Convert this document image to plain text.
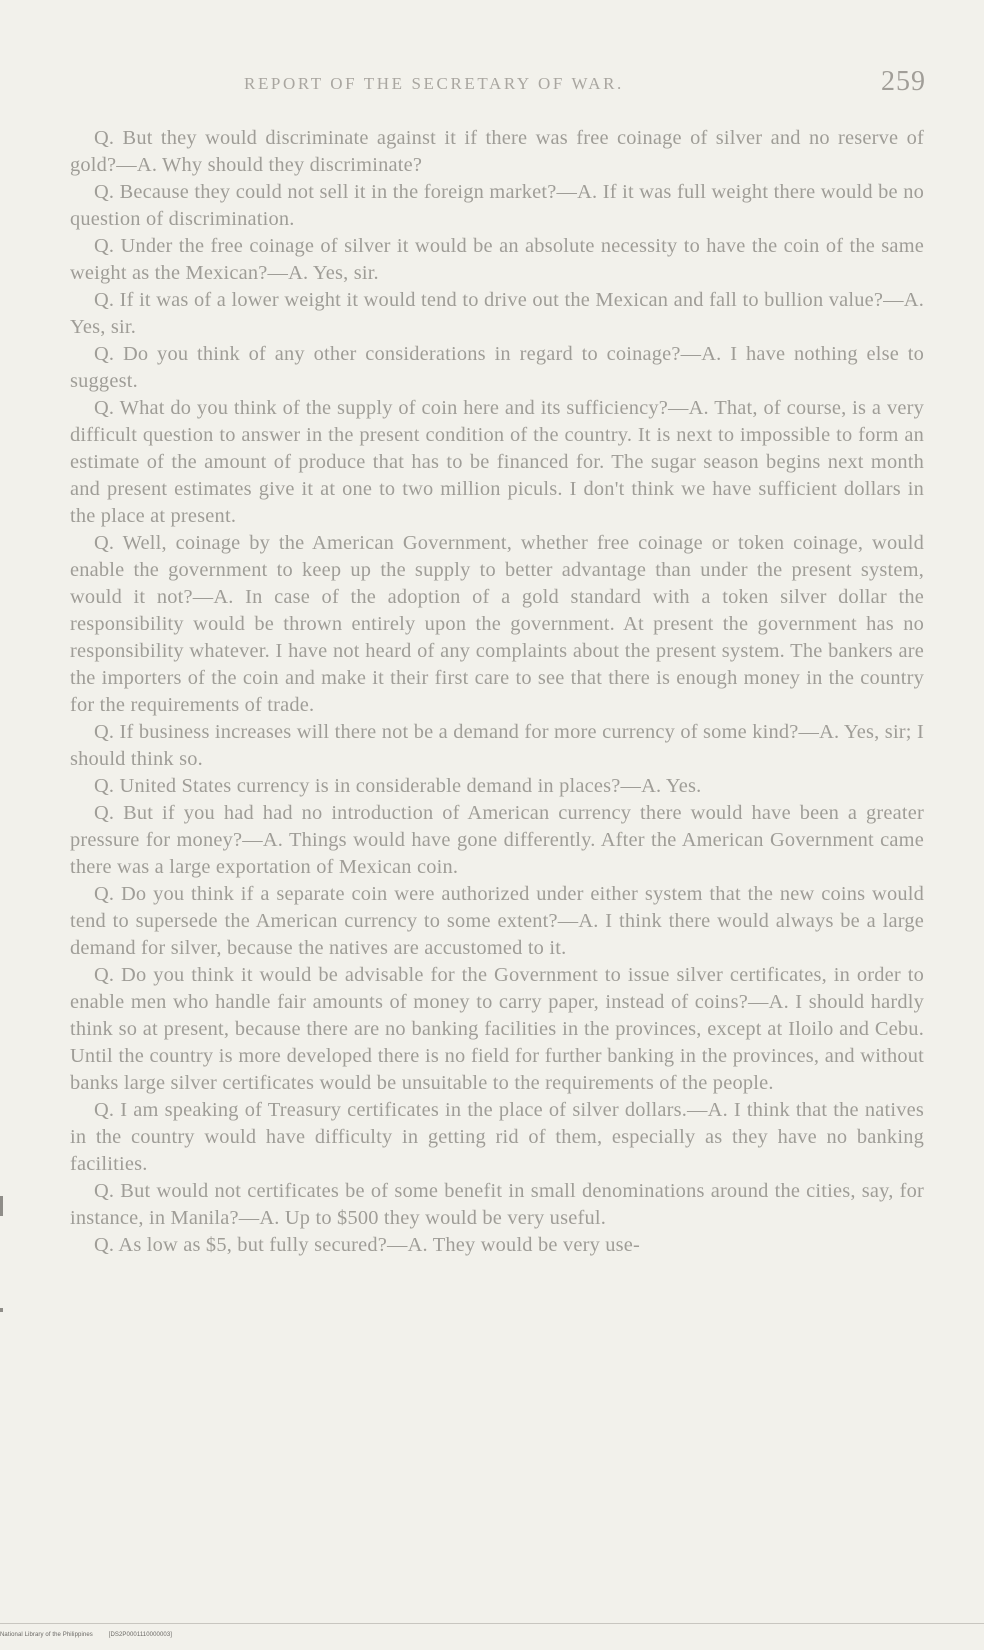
REPORT OF THE SECRETARY OF WAR.	259

Q. But they would discriminate against it if there was free coinage of silver and no reserve of gold?—A. Why should they discriminate?

Q. Because they could not sell it in the foreign market?—A. If it was full weight there would be no question of discrimination.

Q. Under the free coinage of silver it would be an absolute necessity to have the coin of the same weight as the Mexican?—A. Yes, sir.

Q. If it was of a lower weight it would tend to drive out the Mexican and fall to bullion value?—A. Yes, sir.

Q. Do you think of any other considerations in regard to coinage?—A. I have nothing else to suggest.

Q. What do you think of the supply of coin here and its sufficiency?—A. That, of course, is a very difficult question to answer in the present condition of the country. It is next to impossible to form an estimate of the amount of produce that has to be financed for. The sugar season begins next month and present estimates give it at one to two million piculs. I don't think we have sufficient dollars in the place at present.

Q. Well, coinage by the American Government, whether free coinage or token coinage, would enable the government to keep up the supply to better advantage than under the present system, would it not?—A. In case of the adoption of a gold standard with a token silver dollar the responsibility would be thrown entirely upon the government. At present the government has no responsibility whatever. I have not heard of any complaints about the present system. The bankers are the importers of the coin and make it their first care to see that there is enough money in the country for the requirements of trade.

Q. If business increases will there not be a demand for more currency of some kind?—A. Yes, sir; I should think so.

Q. United States currency is in considerable demand in places?—A. Yes.

Q. But if you had had no introduction of American currency there would have been a greater pressure for money?—A. Things would have gone differently. After the American Government came there was a large exportation of Mexican coin.

Q. Do you think if a separate coin were authorized under either system that the new coins would tend to supersede the American currency to some extent?—A. I think there would always be a large demand for silver, because the natives are accustomed to it.

Q. Do you think it would be advisable for the Government to issue silver certificates, in order to enable men who handle fair amounts of money to carry paper, instead of coins?—A. I should hardly think so at present, because there are no banking facilities in the provinces, except at Iloilo and Cebu. Until the country is more developed there is no field for further banking in the provinces, and without banks large silver certificates would be unsuitable to the requirements of the people.

Q. I am speaking of Treasury certificates in the place of silver dollars.—A. I think that the natives in the country would have difficulty in getting rid of them, especially as they have no banking facilities.

Q. But would not certificates be of some benefit in small denominations around the cities, say, for instance, in Manila?—A. Up to $500 they would be very useful.

Q. As low as $5, but fully secured?—A. They would be very use-

National Library of the Philippines	[DS2P0001110000003]
